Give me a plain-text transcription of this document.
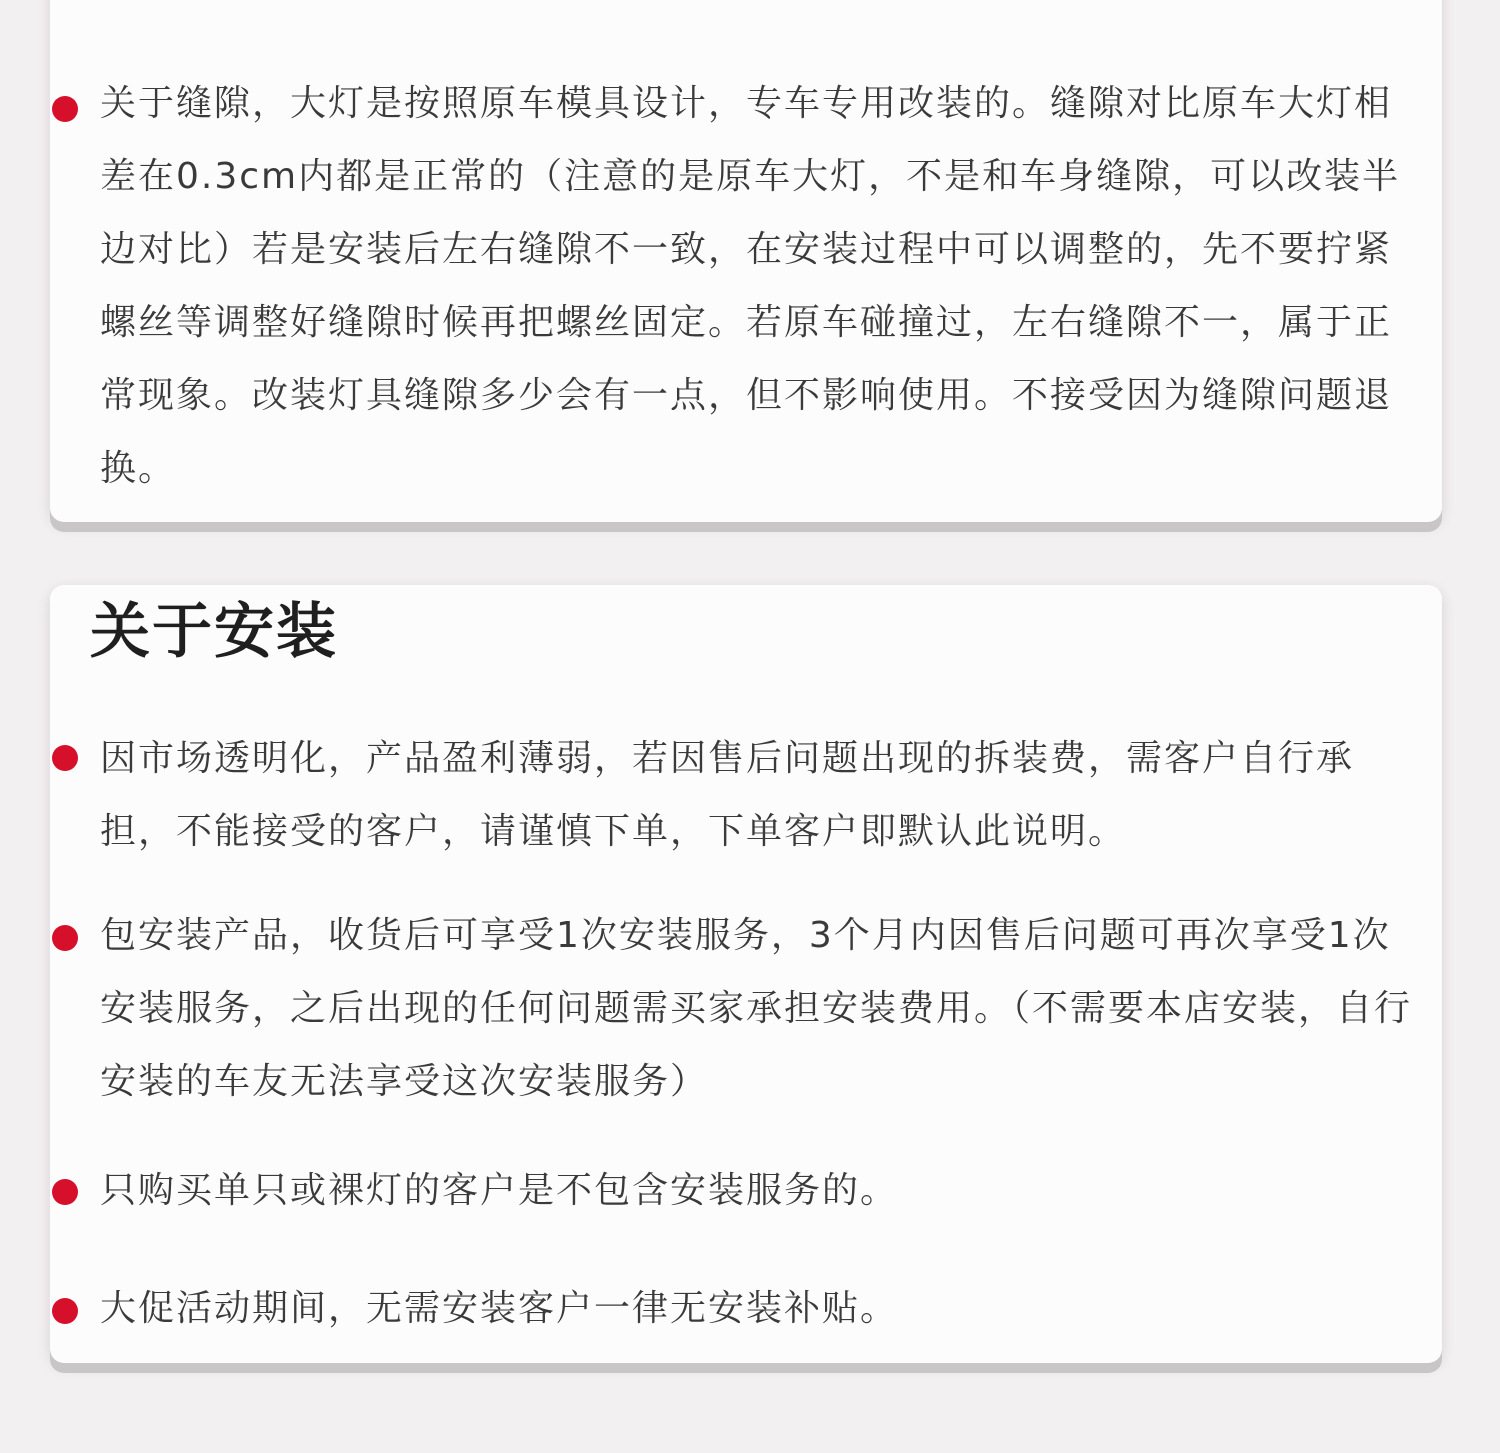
关于缝隙，大灯是按照原车模具设计，专车专用改装的。缝隙对比原车大灯相差在0.3cm内都是正常的（注意的是原车大灯，不是和车身缝隙，可以改装半边对比）若是安装后左右缝隙不一致，在安装过程中可以调整的，先不要拧紧螺丝等调整好缝隙时候再把螺丝固定。若原车碰撞过，左右缝隙不一，属于正常现象。改装灯具缝隙多少会有一点，但不影响使用。不接受因为缝隙问题退换。

关于安装

因市场透明化，产品盈利薄弱，若因售后问题出现的拆装费，需客户自行承担，不能接受的客户，请谨慎下单，下单客户即默认此说明。

包安装产品，收货后可享受1次安装服务，3个月内因售后问题可再次享受1次安装服务，之后出现的任何问题需买家承担安装费用。（不需要本店安装，自行安装的车友无法享受这次安装服务）

只购买单只或裸灯的客户是不包含安装服务的。

大促活动期间，无需安装客户一律无安装补贴。
